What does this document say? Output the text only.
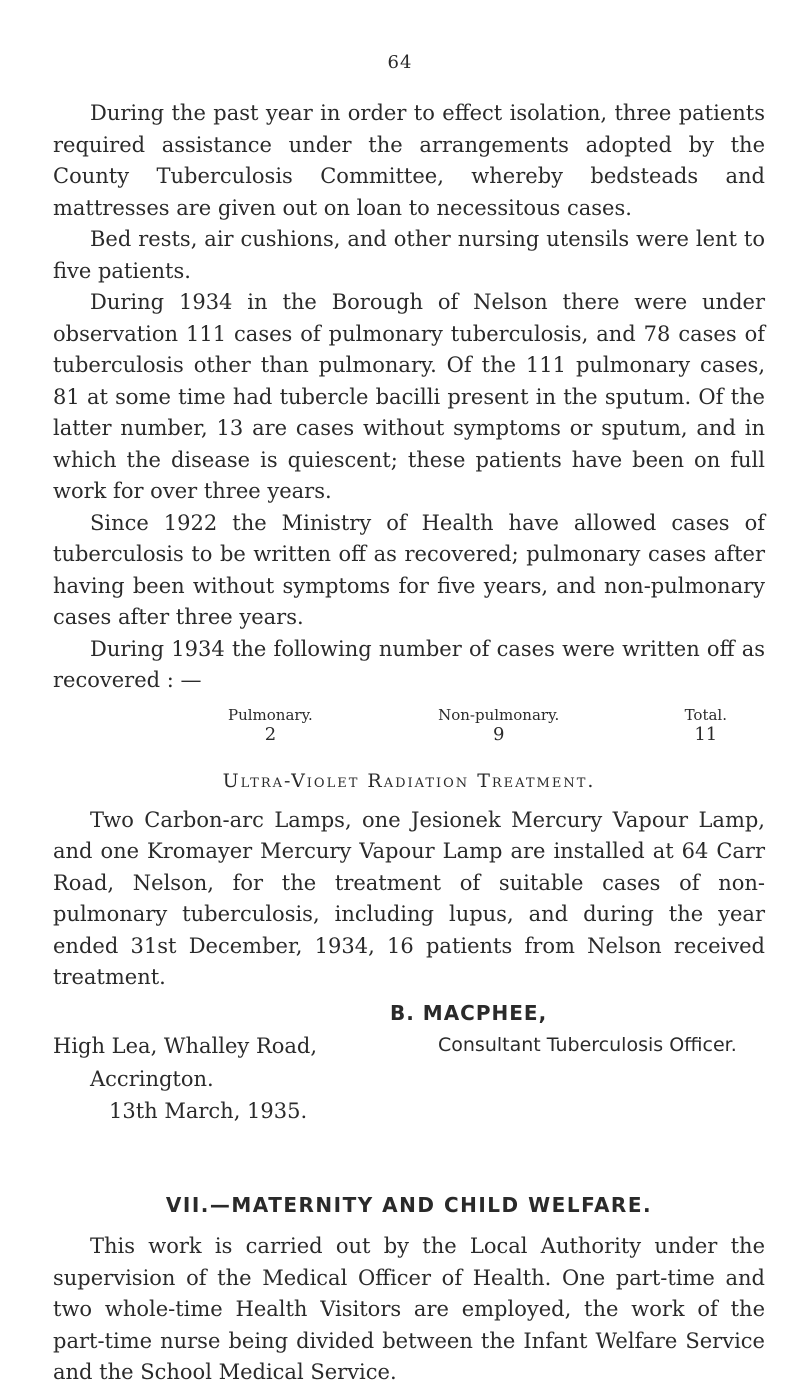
64

During the past year in order to effect isolation, three patients required assistance under the arrangements adopted by the County Tuberculosis Committee, whereby bedsteads and mattresses are given out on loan to necessitous cases.

Bed rests, air cushions, and other nursing utensils were lent to five patients.

During 1934 in the Borough of Nelson there were under observation 111 cases of pulmonary tuberculosis, and 78 cases of tuberculosis other than pulmonary. Of the 111 pulmonary cases, 81 at some time had tubercle bacilli present in the sputum. Of the latter number, 13 are cases without symptoms or sputum, and in which the disease is quiescent; these patients have been on full work for over three years.

Since 1922 the Ministry of Health have allowed cases of tuberculosis to be written off as recovered; pulmonary cases after having been without symptoms for five years, and non-pulmonary cases after three years.

During 1934 the following number of cases were written off as recovered : —

Pulmonary.
2
Non-pulmonary.
9
Total.
11
Ultra-Violet Radiation Treatment.

Two Carbon-arc Lamps, one Jesionek Mercury Vapour Lamp, and one Kromayer Mercury Vapour Lamp are installed at 64 Carr Road, Nelson, for the treatment of suitable cases of non-pulmonary tuberculosis, including lupus, and during the year ended 31st December, 1934, 16 patients from Nelson received treatment.

B. MACPHEE,
Consultant Tuberculosis Officer.
High Lea, Whalley Road,
Accrington.
13th March, 1935.
VII.—MATERNITY AND CHILD WELFARE.

This work is carried out by the Local Authority under the supervision of the Medical Officer of Health. One part-time and two whole-time Health Visitors are employed, the work of the part-time nurse being divided between the Infant Welfare Service and the School Medical Service.
